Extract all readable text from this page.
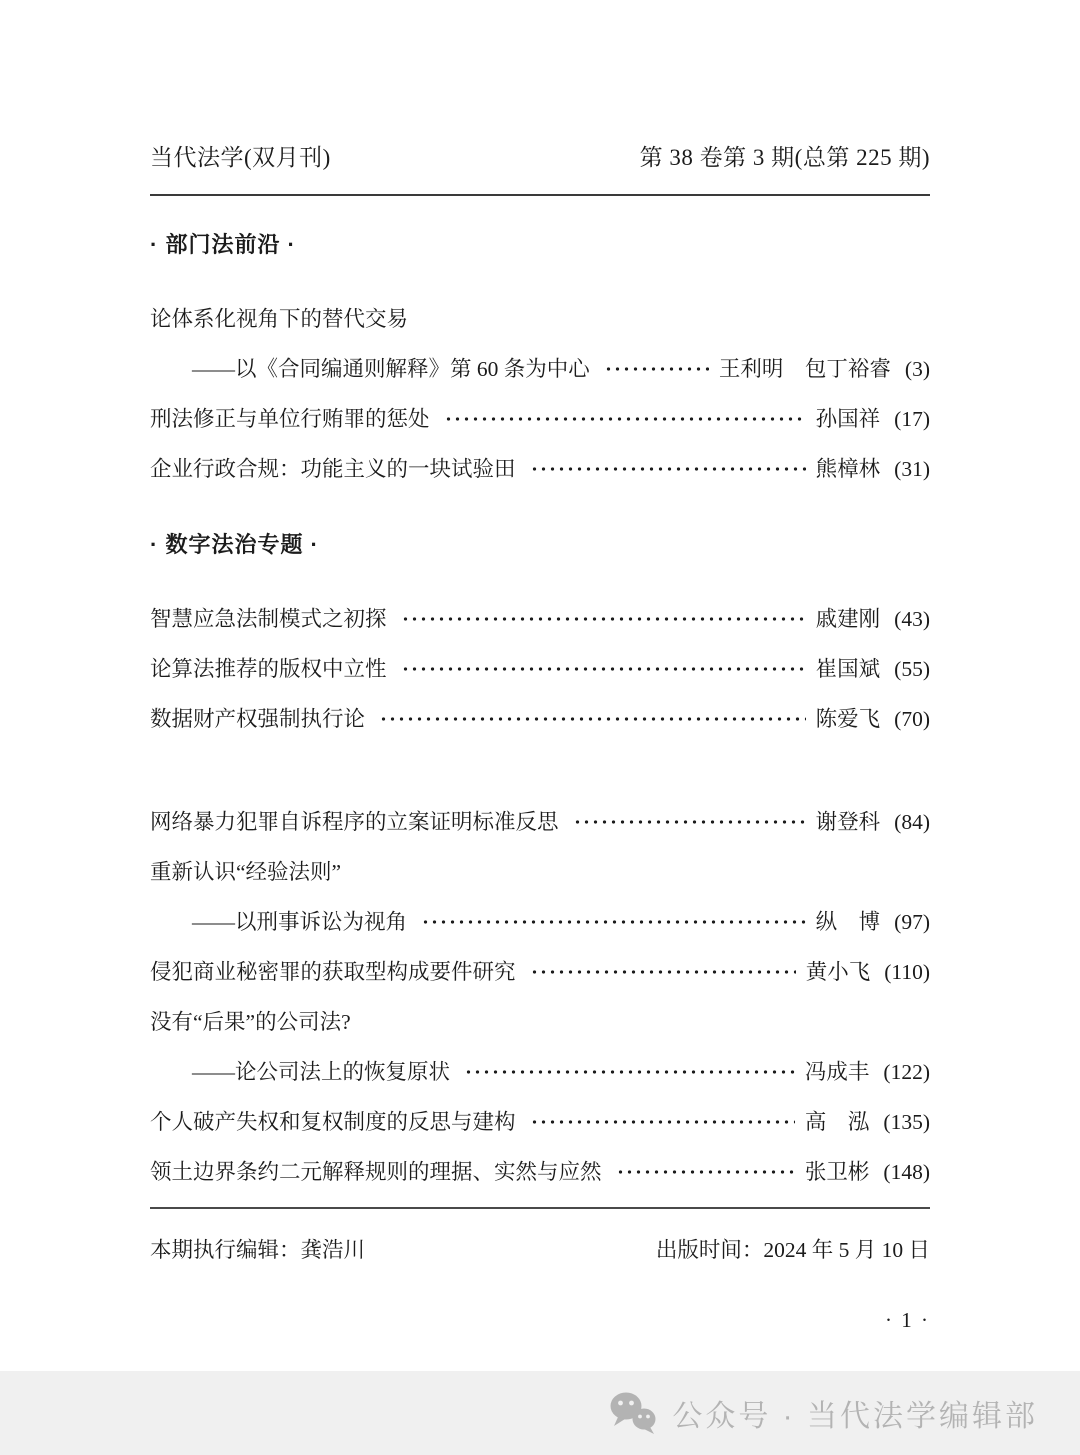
当代法学(双月刊)	第 38 卷第 3 期(总第 225 期)
· 部门法前沿 ·
论体系化视角下的替代交易
——以《合同编通则解释》第 60 条为中心	王利明　包丁裕睿 (3)
刑法修正与单位行贿罪的惩处	孙国祥 (17)
企业行政合规：功能主义的一块试验田	熊樟林 (31)
· 数字法治专题 ·
智慧应急法制模式之初探	戚建刚 (43)
论算法推荐的版权中立性	崔国斌 (55)
数据财产权强制执行论	陈爱飞 (70)
网络暴力犯罪自诉程序的立案证明标准反思	谢登科 (84)
重新认识“经验法则”
——以刑事诉讼为视角	纵　博 (97)
侵犯商业秘密罪的获取型构成要件研究	黄小飞 (110)
没有“后果”的公司法?
——论公司法上的恢复原状	冯成丰 (122)
个人破产失权和复权制度的反思与建构	高　泓 (135)
领土边界条约二元解释规则的理据、实然与应然	张卫彬 (148)
本期执行编辑：龚浩川	出版时间：2024 年 5 月 10 日
· 1 ·
公众号 · 当代法学编辑部
